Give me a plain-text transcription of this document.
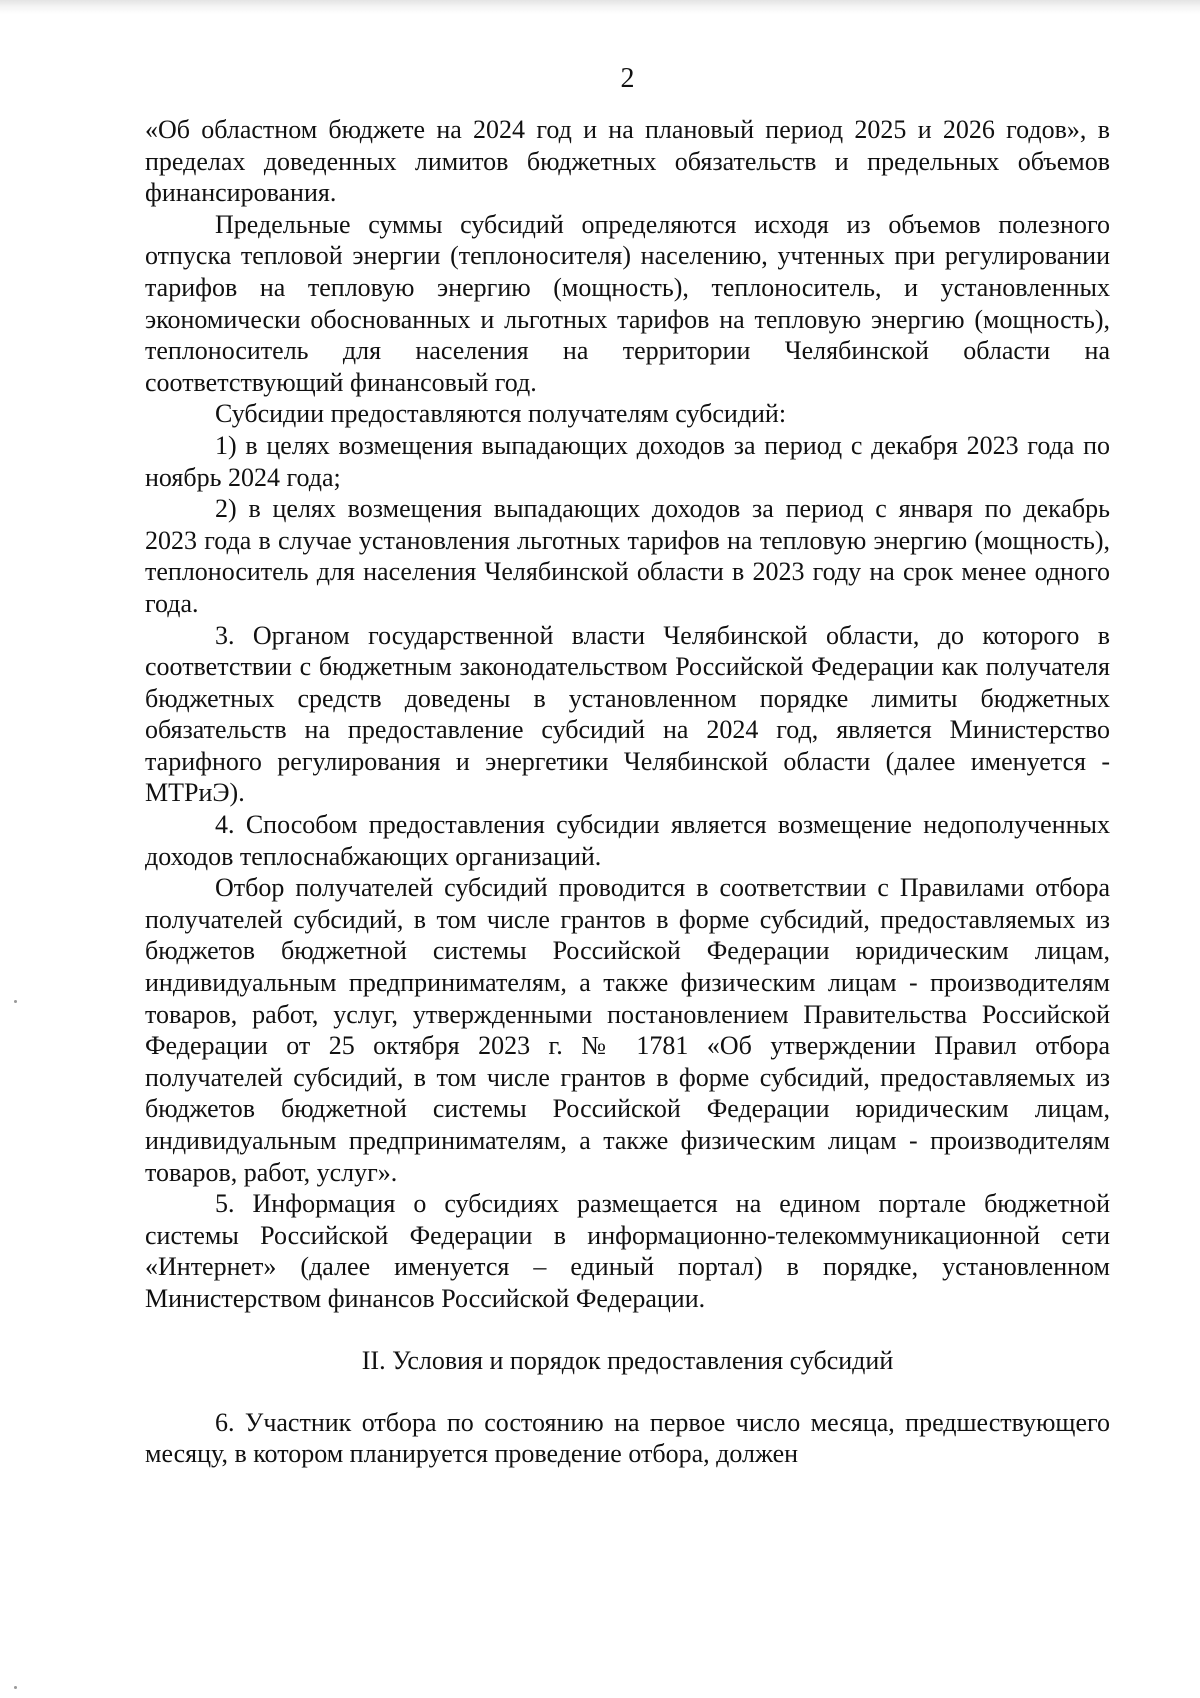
2

«Об областном бюджете на 2024 год и на плановый период 2025 и 2026 годов», в пределах доведенных лимитов бюджетных обязательств и предельных объемов финансирования.

Предельные суммы субсидий определяются исходя из объемов полезного отпуска тепловой энергии (теплоносителя) населению, учтенных при регулировании тарифов на тепловую энергию (мощность), теплоноситель, и установленных экономически обоснованных и льготных тарифов на тепловую энергию (мощность), теплоноситель для населения на территории Челябинской области на соответствующий финансовый год.

Субсидии предоставляются получателям субсидий:

1) в целях возмещения выпадающих доходов за период с декабря 2023 года по ноябрь 2024 года;

2) в целях возмещения выпадающих доходов за период с января по декабрь 2023 года в случае установления льготных тарифов на тепловую энергию (мощность), теплоноситель для населения Челябинской области в 2023 году на срок менее одного года.

3. Органом государственной власти Челябинской области, до которого в соответствии с бюджетным законодательством Российской Федерации как получателя бюджетных средств доведены в установленном порядке лимиты бюджетных обязательств на предоставление субсидий на 2024 год, является Министерство тарифного регулирования и энергетики Челябинской области (далее именуется - МТРиЭ).

4. Способом предоставления субсидии является возмещение недополученных доходов теплоснабжающих организаций.

Отбор получателей субсидий проводится в соответствии с Правилами отбора получателей субсидий, в том числе грантов в форме субсидий, предоставляемых из бюджетов бюджетной системы Российской Федерации юридическим лицам, индивидуальным предпринимателям, а также физическим лицам - производителям товаров, работ, услуг, утвержденными постановлением Правительства Российской Федерации от 25 октября 2023 г. № 1781 «Об утверждении Правил отбора получателей субсидий, в том числе грантов в форме субсидий, предоставляемых из бюджетов бюджетной системы Российской Федерации юридическим лицам, индивидуальным предпринимателям, а также физическим лицам - производителям товаров, работ, услуг».

5. Информация о субсидиях размещается на едином портале бюджетной системы Российской Федерации в информационно-телекоммуникационной сети «Интернет» (далее именуется – единый портал) в порядке, установленном Министерством финансов Российской Федерации.

II. Условия и порядок предоставления субсидий

6. Участник отбора по состоянию на первое число месяца, предшествующего месяцу, в котором планируется проведение отбора, должен
